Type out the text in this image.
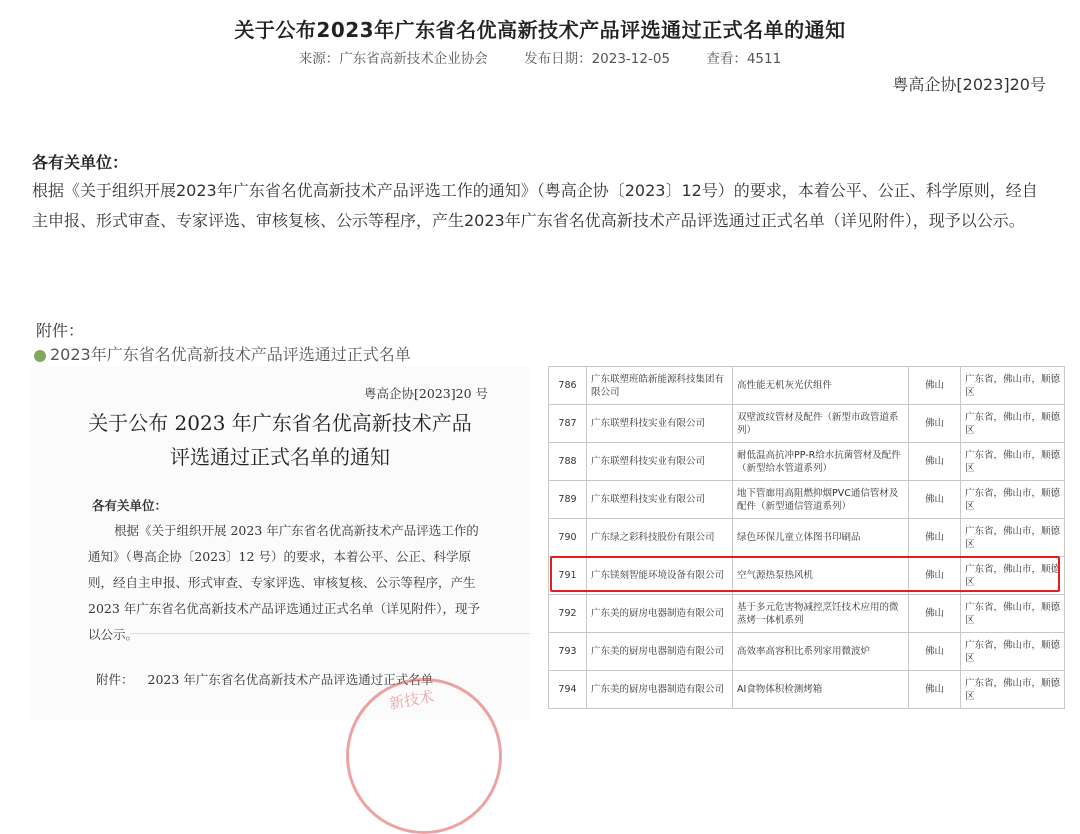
关于公布2023年广东省名优高新技术产品评选通过正式名单的通知
来源：广东省高新技术企业协会	发布日期：2023-12-05	查看：4511
粤高企协[2023]20号
各有关单位：
根据《关于组织开展2023年广东省名优高新技术产品评选工作的通知》（粤高企协〔2023〕12号）的要求，本着公平、公正、科学原则，经自主申报、形式审查、专家评选、审核复核、公示等程序，产生2023年广东省名优高新技术产品评选通过正式名单（详见附件），现予以公示。
附件：
2023年广东省名优高新技术产品评选通过正式名单
粤高企协[2023]20 号
关于公布 2023 年广东省名优高新技术产品
评选通过正式名单的通知
各有关单位：
根据《关于组织开展 2023 年广东省名优高新技术产品评选工作的通知》（粤高企协〔2023〕12 号）的要求，本着公平、公正、科学原则，经自主申报、形式审查、专家评选、审核复核、公示等程序，产生 2023 年广东省名优高新技术产品评选通过正式名单（详见附件），现予以公示。
附件： 2023 年广东省名优高新技术产品评选通过正式名单
新技术
786	广东联塑班皓新能源科技集团有限公司	高性能无机灰光伏组件	佛山	广东省，佛山市，顺德区
787	广东联塑科技实业有限公司	双壁波纹管材及配件（新型市政管道系列）	佛山	广东省，佛山市，顺德区
788	广东联塑科技实业有限公司	耐低温高抗冲PP-R给水抗菌管材及配件（新型给水管道系列）	佛山	广东省，佛山市，顺德区
789	广东联塑科技实业有限公司	地下管廊用高阻燃抑烟PVC通信管材及配件（新型通信管道系列）	佛山	广东省，佛山市，顺德区
790	广东绿之彩科技股份有限公司	绿色环保儿童立体图书印刷品	佛山	广东省，佛山市，顺德区
791	广东镁刻智能环境设备有限公司	空气源热泵热风机	佛山	广东省，佛山市，顺德区
792	广东美的厨房电器制造有限公司	基于多元危害物减控烹饪技术应用的微蒸烤一体机系列	佛山	广东省，佛山市，顺德区
793	广东美的厨房电器制造有限公司	高效率高容积比系列家用微波炉	佛山	广东省，佛山市，顺德区
794	广东美的厨房电器制造有限公司	AI食物体积检测烤箱	佛山	广东省，佛山市，顺德区
